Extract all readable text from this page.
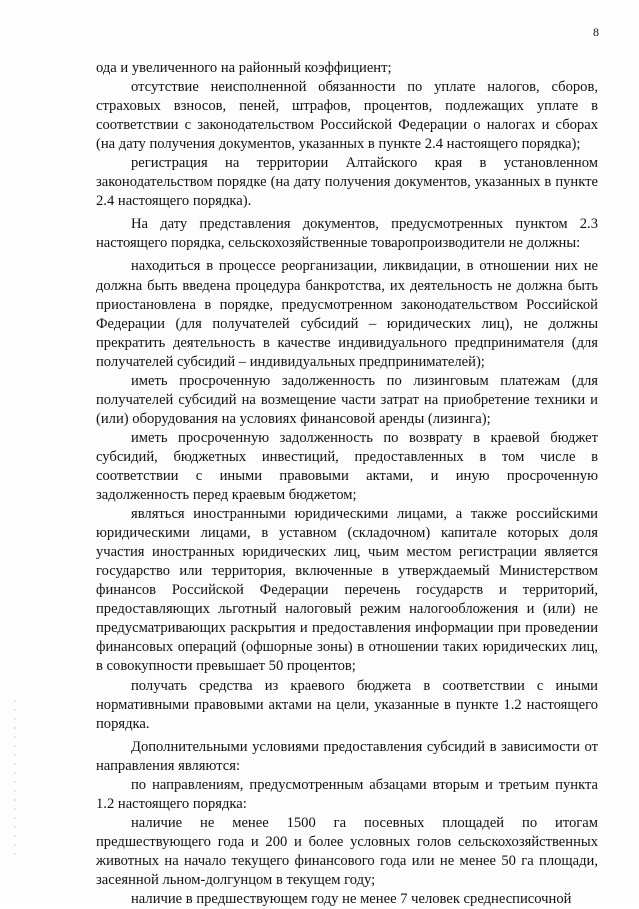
8

ода и увеличенного на районный коэффициент;

отсутствие неисполненной обязанности по уплате налогов, сборов, страховых взносов, пеней, штрафов, процентов, подлежащих уплате в соответствии с законодательством Российской Федерации о налогах и сборах (на дату получения документов, указанных в пункте 2.4 настоящего порядка);

регистрация на территории Алтайского края в установленном законодательством порядке (на дату получения документов, указанных в пункте 2.4 настоящего порядка).

На дату представления документов, предусмотренных пунктом 2.3 настоящего порядка, сельскохозяйственные товаропроизводители не должны:

находиться в процессе реорганизации, ликвидации, в отношении них не должна быть введена процедура банкротства, их деятельность не должна быть приостановлена в порядке, предусмотренном законодательством Российской Федерации (для получателей субсидий – юридических лиц), не должны прекратить деятельность в качестве индивидуального предпринимателя (для получателей субсидий – индивидуальных предпринимателей);

иметь просроченную задолженность по лизинговым платежам (для получателей субсидий на возмещение части затрат на приобретение техники и (или) оборудования на условиях финансовой аренды (лизинга);

иметь просроченную задолженность по возврату в краевой бюджет субсидий, бюджетных инвестиций, предоставленных в том числе в соответствии с иными правовыми актами, и иную просроченную задолженность перед краевым бюджетом;

являться иностранными юридическими лицами, а также российскими юридическими лицами, в уставном (складочном) капитале которых доля участия иностранных юридических лиц, чьим местом регистрации является государство или территория, включенные в утверждаемый Министерством финансов Российской Федерации перечень государств и территорий, предоставляющих льготный налоговый режим налогообложения и (или) не предусматривающих раскрытия и предоставления информации при проведении финансовых операций (офшорные зоны) в отношении таких юридических лиц, в совокупности превышает 50 процентов;

получать средства из краевого бюджета в соответствии с иными нормативными правовыми актами на цели, указанные в пункте 1.2 настоящего порядка.

Дополнительными условиями предоставления субсидий в зависимости от направления являются:

по направлениям, предусмотренным абзацами вторым и третьим пункта 1.2 настоящего порядка:

наличие не менее 1500 га посевных площадей по итогам предшествующего года и 200 и более условных голов сельскохозяйственных животных на начало текущего финансового года или не менее 50 га площади, засеянной льном-долгунцом в текущем году;

наличие в предшествующем году не менее 7 человек среднесписочной
